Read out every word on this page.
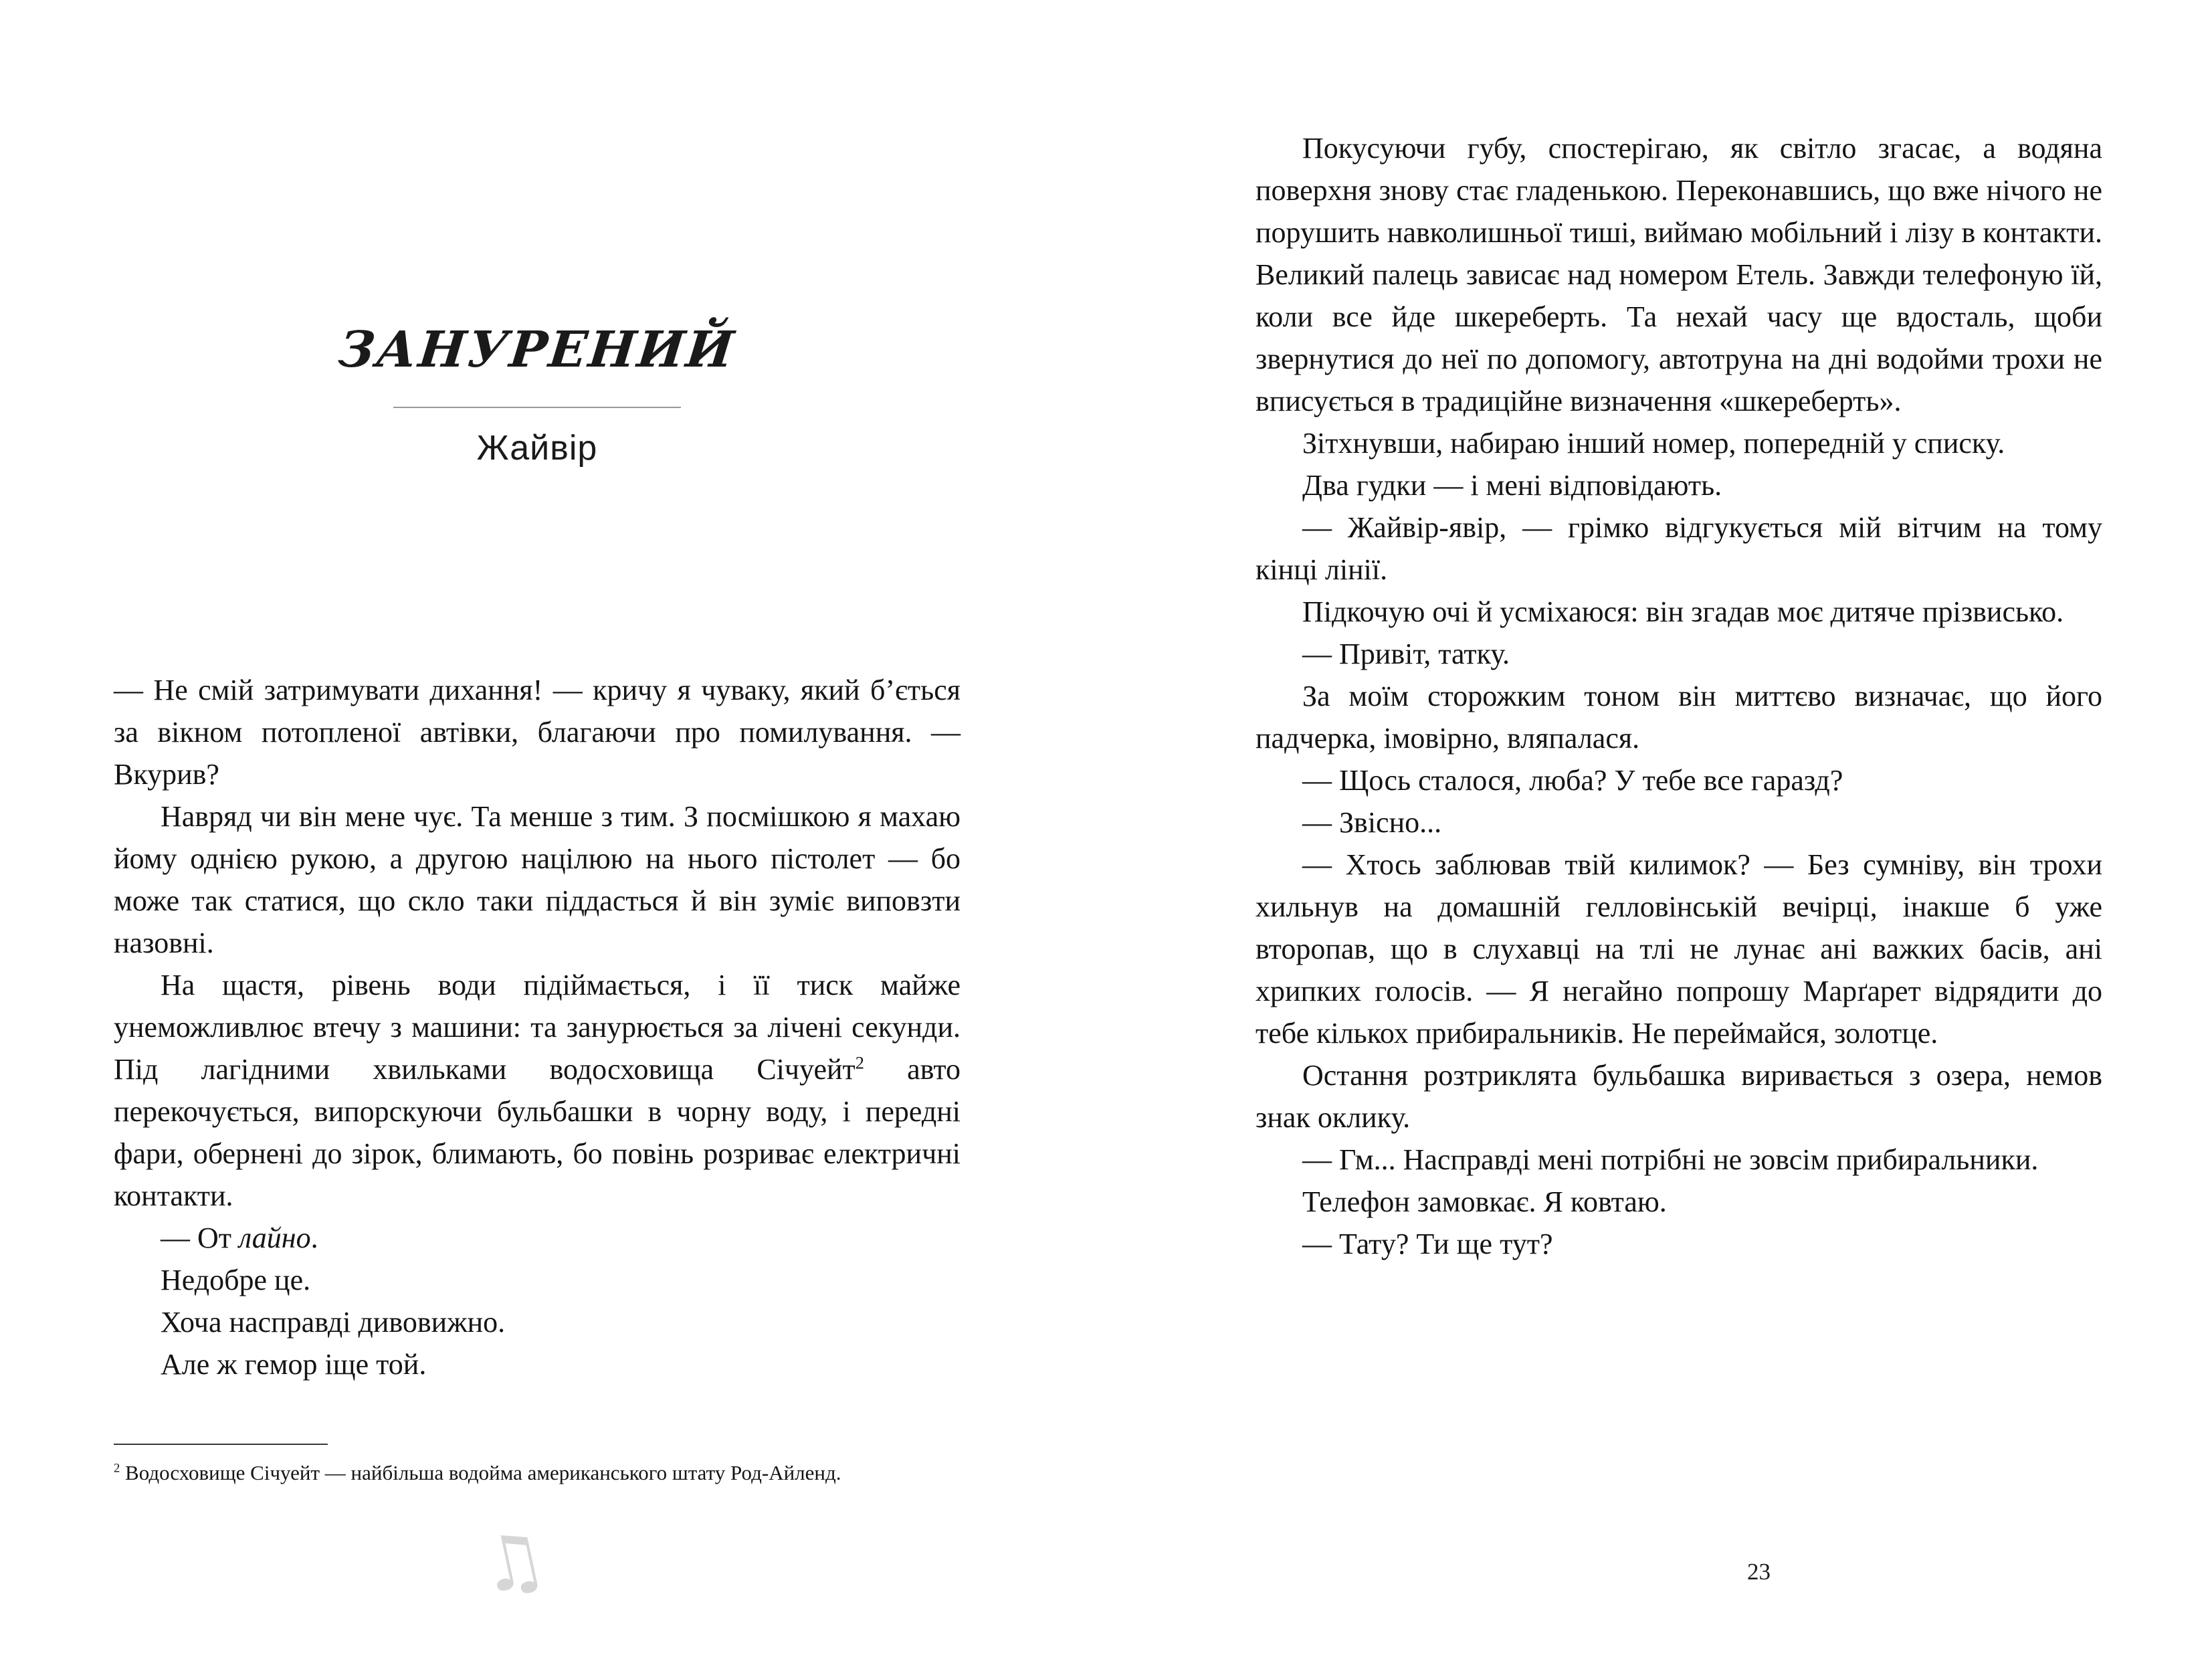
ЗАНУРЕНИЙ
Жайвір

— Не смій затримувати дихання! — кричу я чуваку, який б’ється за вікном потопленої автівки, благаючи про помилування. — Вкурив?

Навряд чи він мене чує. Та менше з тим. З посмішкою я махаю йому однією рукою, а другою націлюю на нього пістолет — бо може так статися, що скло таки піддасться й він зуміє виповзти назовні.

На щастя, рівень води підіймається, і її тиск майже унеможливлює втечу з машини: та занурюється за лічені секунди. Під лагідними хвильками водосховища Січуейт$^2$ авто перекочується, випорскуючи бульбашки в чорну воду, і передні фари, обернені до зірок, блимають, бо повінь розриває електричні контакти.

— От лайно.

Недобре це.

Хоча насправді дивовижно.

Але ж гемор іще той.

$^2$ Водосховище Січуейт — найбільша водойма американського штату Род-Айленд.

♫

Покусуючи губу, спостерігаю, як світло згасає, а водяна поверхня знову стає гладенькою. Переконавшись, що вже нічого не порушить навколишньої тиші, виймаю мобільний і лізу в контакти. Великий палець зависає над номером Етель. Завжди телефоную їй, коли все йде шкереберть. Та нехай часу ще вдосталь, щоби звернутися до неї по допомогу, автотруна на дні водойми трохи не вписується в традиційне визначення «шкереберть».

Зітхнувши, набираю інший номер, попередній у списку.

Два гудки — і мені відповідають.

— Жайвір-явір, — грімко відгукується мій вітчим на тому кінці лінії.

Підкочую очі й усміхаюся: він згадав моє дитяче прізвисько.

— Привіт, татку.

За моїм сторожким тоном він миттєво визначає, що його падчерка, імовірно, вляпалася.

— Щось сталося, люба? У тебе все гаразд?

— Звісно...

— Хтось заблював твій килимок? — Без сумніву, він трохи хильнув на домашній гелловінській вечірці, інакше б уже второпав, що в слухавці на тлі не лунає ані важких басів, ані хрипких голосів. — Я негайно попрошу Марґарет відрядити до тебе кількох прибиральників. Не переймайся, золотце.

Остання розтриклята бульбашка виривається з озера, немов знак оклику.

— Гм... Насправді мені потрібні не зовсім прибиральники.

Телефон замовкає. Я ковтаю.

— Тату? Ти ще тут?

23
